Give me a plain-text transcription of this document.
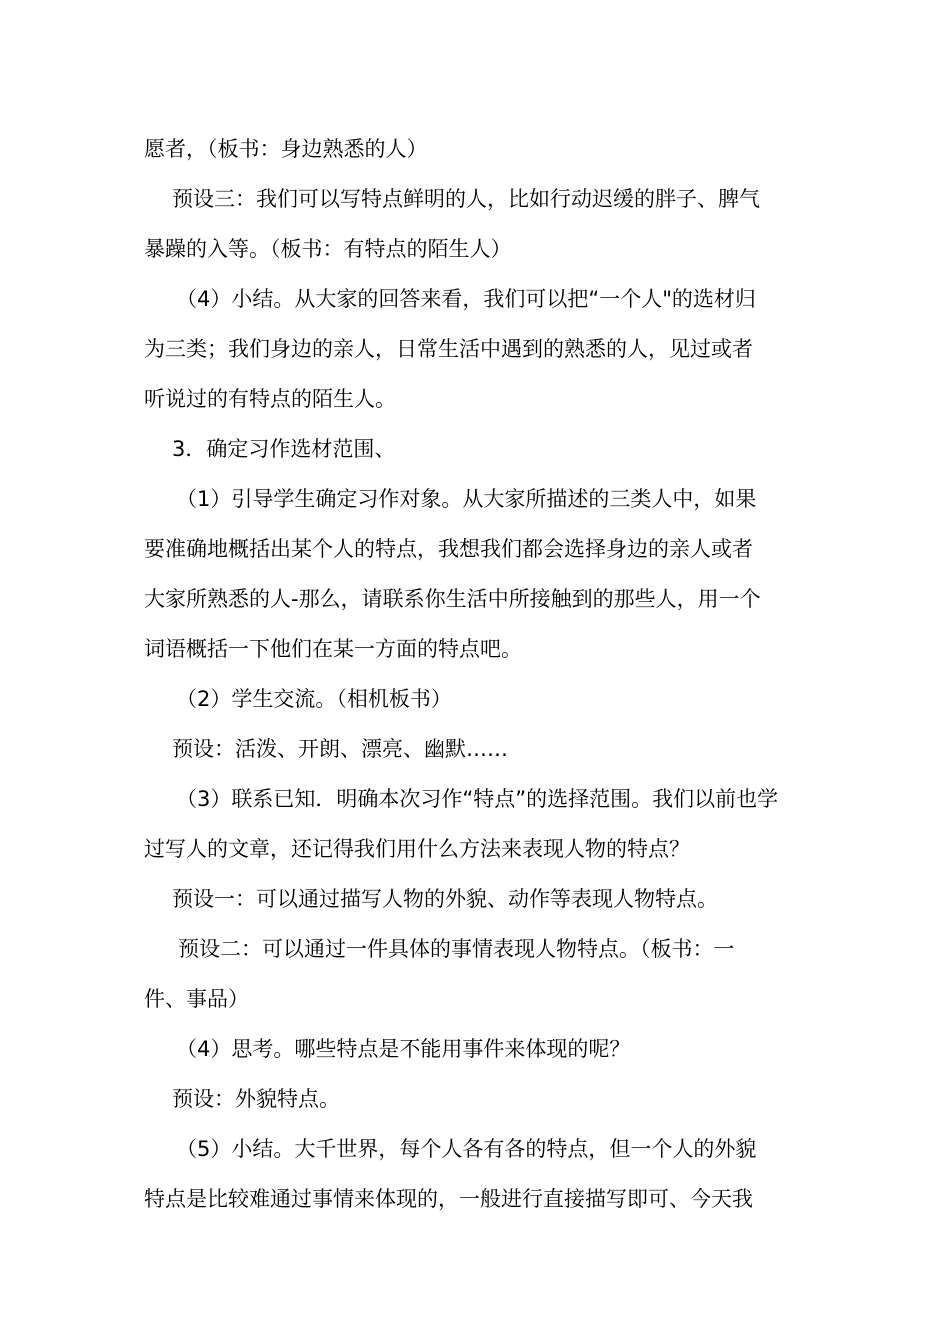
愿者，（板书：身边熟悉的人）
预设三：我们可以写特点鲜明的人，比如行动迟缓的胖子、脾气
暴躁的入等。（板书：有特点的陌生人）
（4）小结。从大家的回答来看，我们可以把“一个人"的选材归
为三类；我们身边的亲人，日常生活中遇到的熟悉的人，见过或者
听说过的有特点的陌生人。
3．确定习作选材范围、
（1）引导学生确定习作对象。从大家所描述的三类人中，如果
要准确地概括出某个人的特点，我想我们都会选择身边的亲人或者
大家所熟悉的人-那么，请联系你生活中所接触到的那些人，用一个
词语概括一下他们在某一方面的特点吧。
（2）学生交流。（相机板书）
预设：活泼、开朗、漂亮、幽默……
（3）联系已知．明确本次习作“特点”的选择范围。我们以前也学
过写人的文章，还记得我们用什么方法来表现人物的特点？
预设一：可以通过描写人物的外貌、动作等表现人物特点。
预设二：可以通过一件具体的事情表现人物特点。（板书：一
件、事品）
（4）思考。哪些特点是不能用事件来体现的呢？
预设：外貌特点。
（5）小结。大千世界，每个人各有各的特点，但一个人的外貌
特点是比较难通过事情来体现的，一般进行直接描写即可、今天我
